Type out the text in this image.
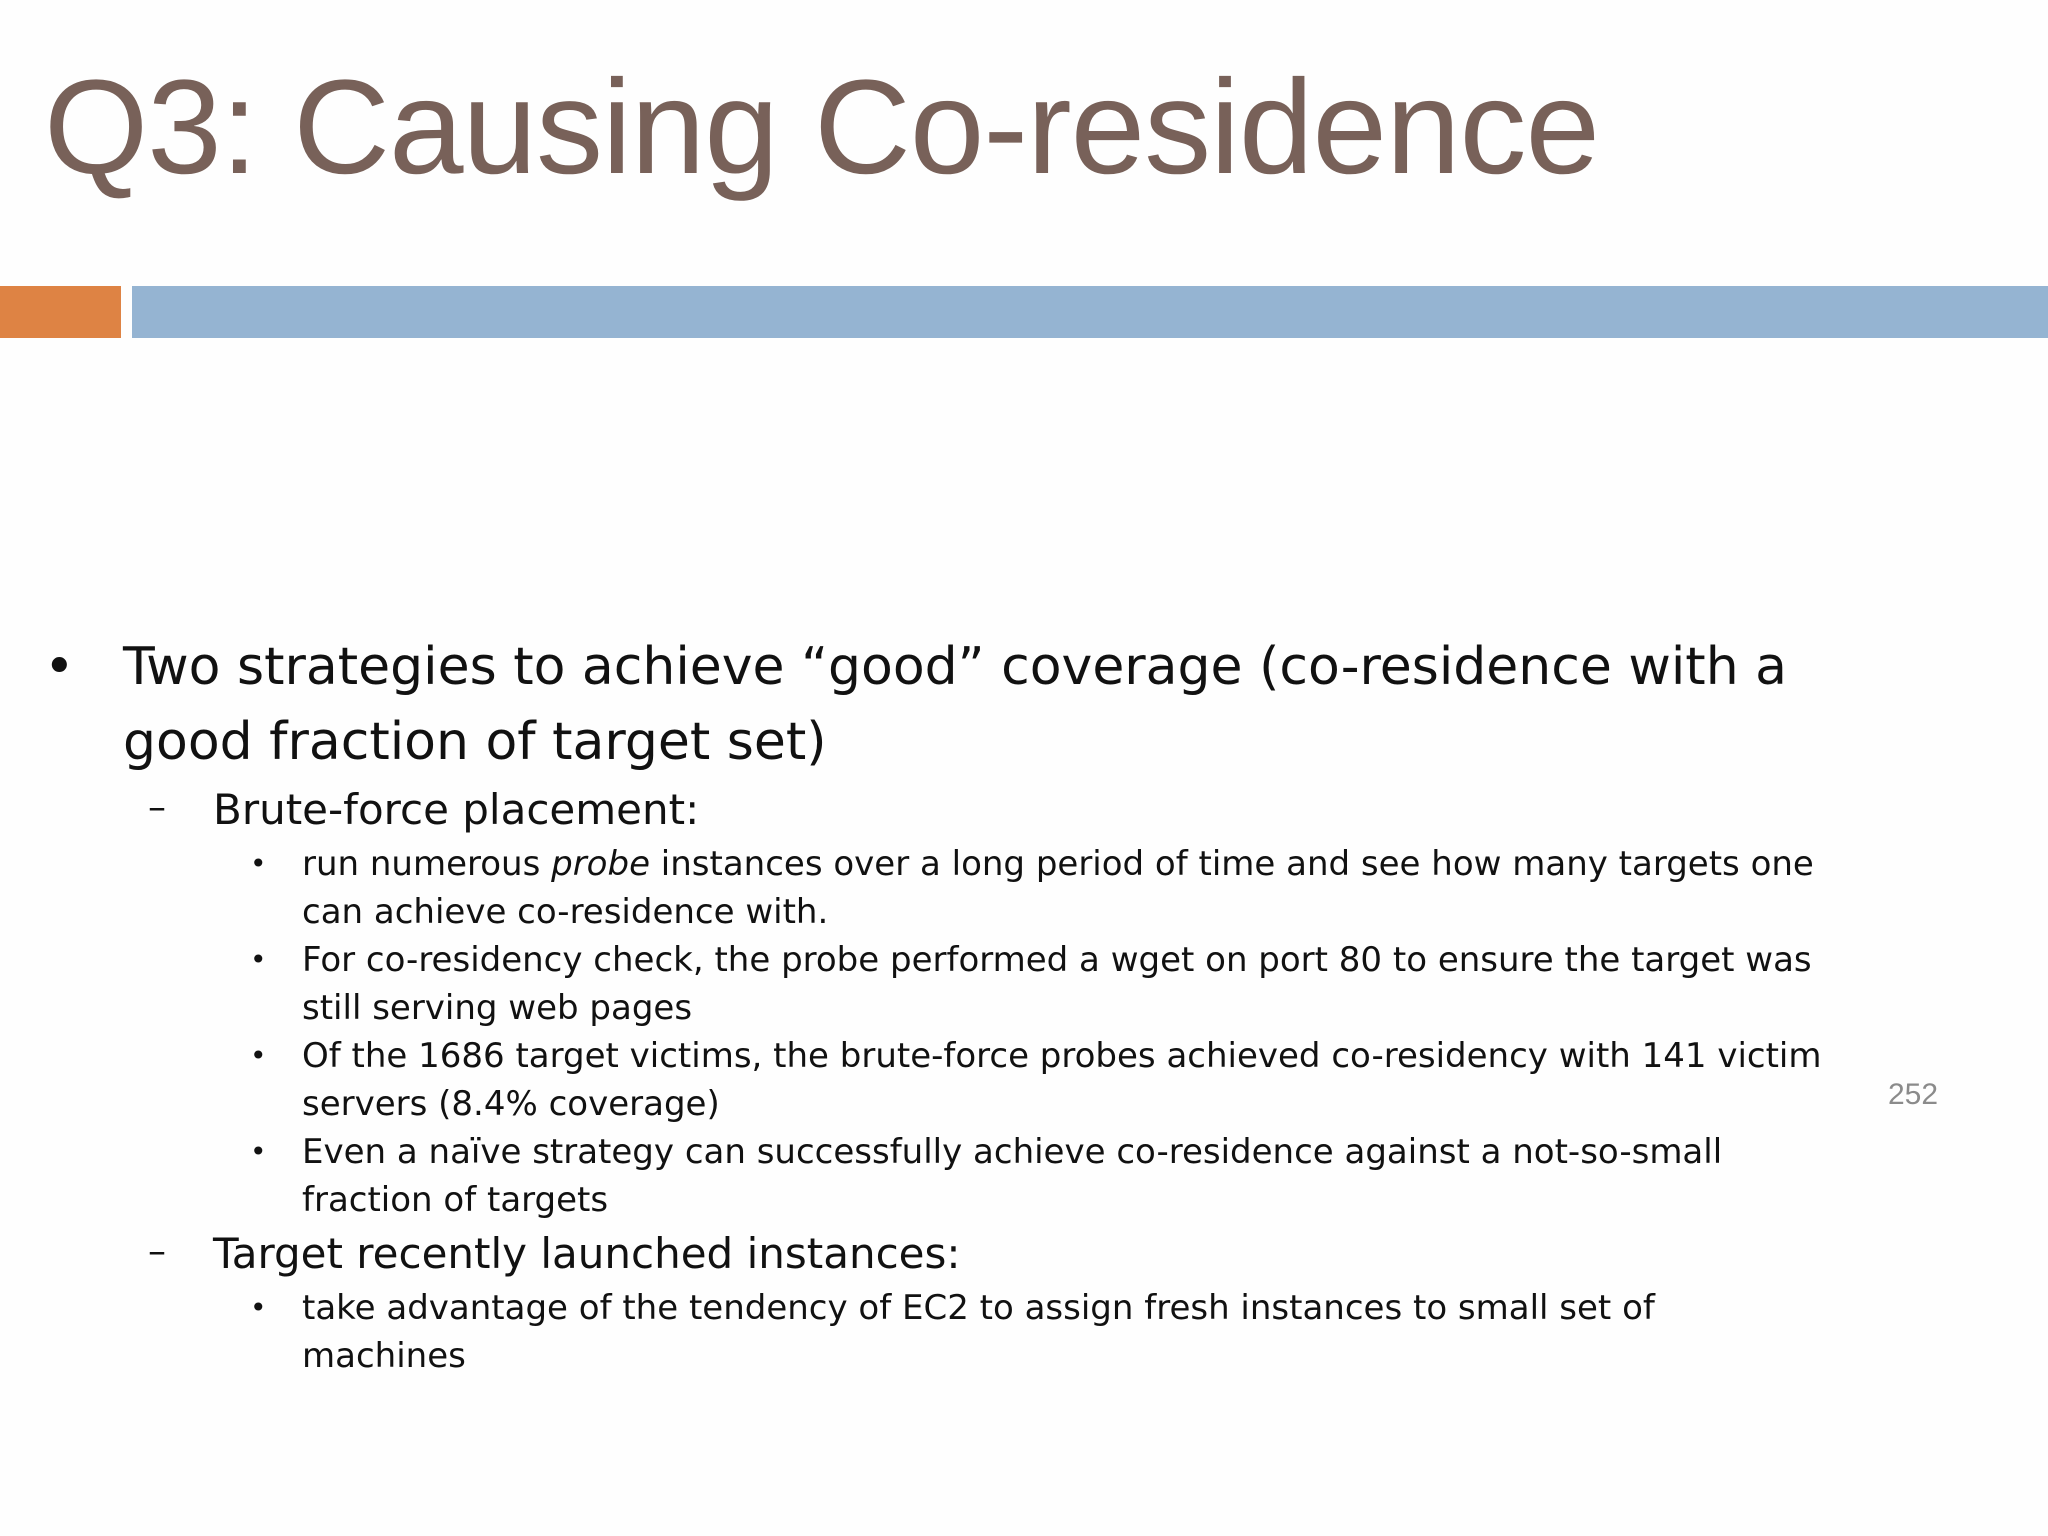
Q3: Causing Co-residence
• Two strategies to achieve “good” coverage (co-residence with a good fraction of target set)
– Brute-force placement:
• run numerous probe instances over a long period of time and see how many targets one can achieve co-residence with.
• For co-residency check, the probe performed a wget on port 80 to ensure the target was still serving web pages
• Of the 1686 target victims, the brute-force probes achieved co-residency with 141 victim servers (8.4% coverage)
• Even a naïve strategy can successfully achieve co-residence against a not-so-small fraction of targets
– Target recently launched instances:
• take advantage of the tendency of EC2 to assign fresh instances to small set of machines
252
